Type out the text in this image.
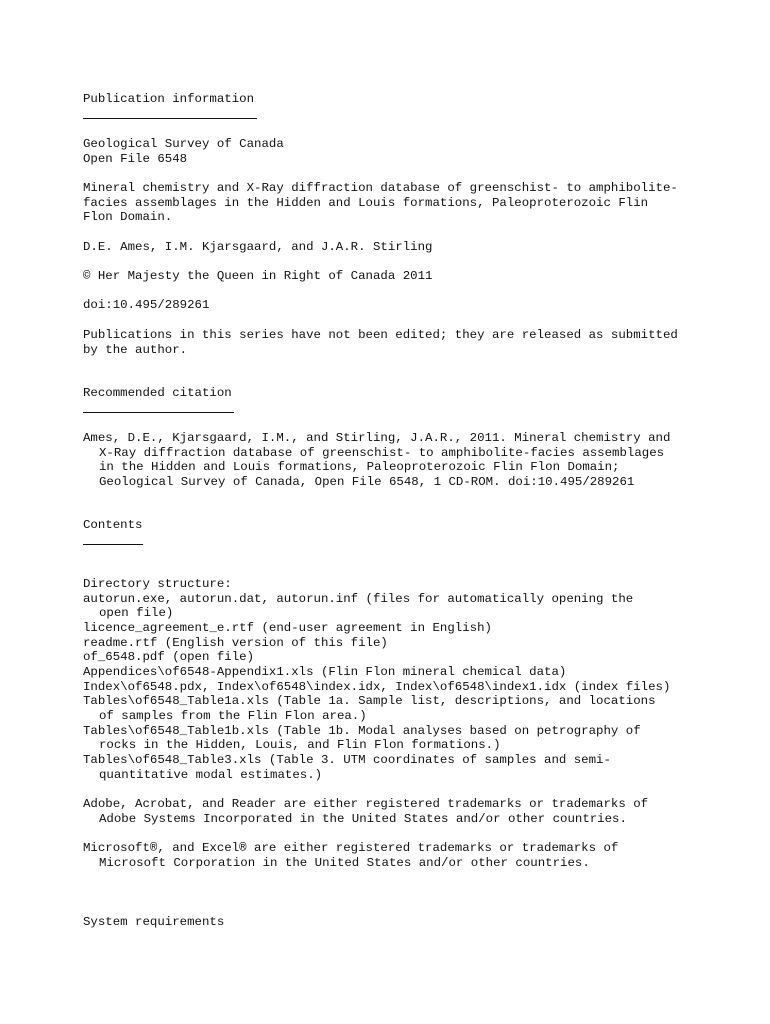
Publication information
Geological Survey of Canada
Open File 6548
Mineral chemistry and X-Ray diffraction database of greenschist- to amphibolite-
facies assemblages in the Hidden and Louis formations, Paleoproterozoic Flin
Flon Domain.
D.E. Ames, I.M. Kjarsgaard, and J.A.R. Stirling
© Her Majesty the Queen in Right of Canada 2011
doi:10.495/289261
Publications in this series have not been edited; they are released as submitted
by the author.
Recommended citation
Ames, D.E., Kjarsgaard, I.M., and Stirling, J.A.R., 2011. Mineral chemistry and
X-Ray diffraction database of greenschist- to amphibolite-facies assemblages
in the Hidden and Louis formations, Paleoproterozoic Flin Flon Domain;
Geological Survey of Canada, Open File 6548, 1 CD-ROM. doi:10.495/289261
Contents
Directory structure:
autorun.exe, autorun.dat, autorun.inf (files for automatically opening the
open file)
licence_agreement_e.rtf (end-user agreement in English)
readme.rtf (English version of this file)
of_6548.pdf (open file)
Appendices\of6548-Appendix1.xls (Flin Flon mineral chemical data)
Index\of6548.pdx, Index\of6548\index.idx, Index\of6548\index1.idx (index files)
Tables\of6548_Table1a.xls (Table 1a. Sample list, descriptions, and locations
of samples from the Flin Flon area.)
Tables\of6548_Table1b.xls (Table 1b. Modal analyses based on petrography of
rocks in the Hidden, Louis, and Flin Flon formations.)
Tables\of6548_Table3.xls (Table 3. UTM coordinates of samples and semi-
quantitative modal estimates.)
Adobe, Acrobat, and Reader are either registered trademarks or trademarks of
Adobe Systems Incorporated in the United States and/or other countries.
Microsoft®, and Excel® are either registered trademarks or trademarks of
Microsoft Corporation in the United States and/or other countries.
System requirements
